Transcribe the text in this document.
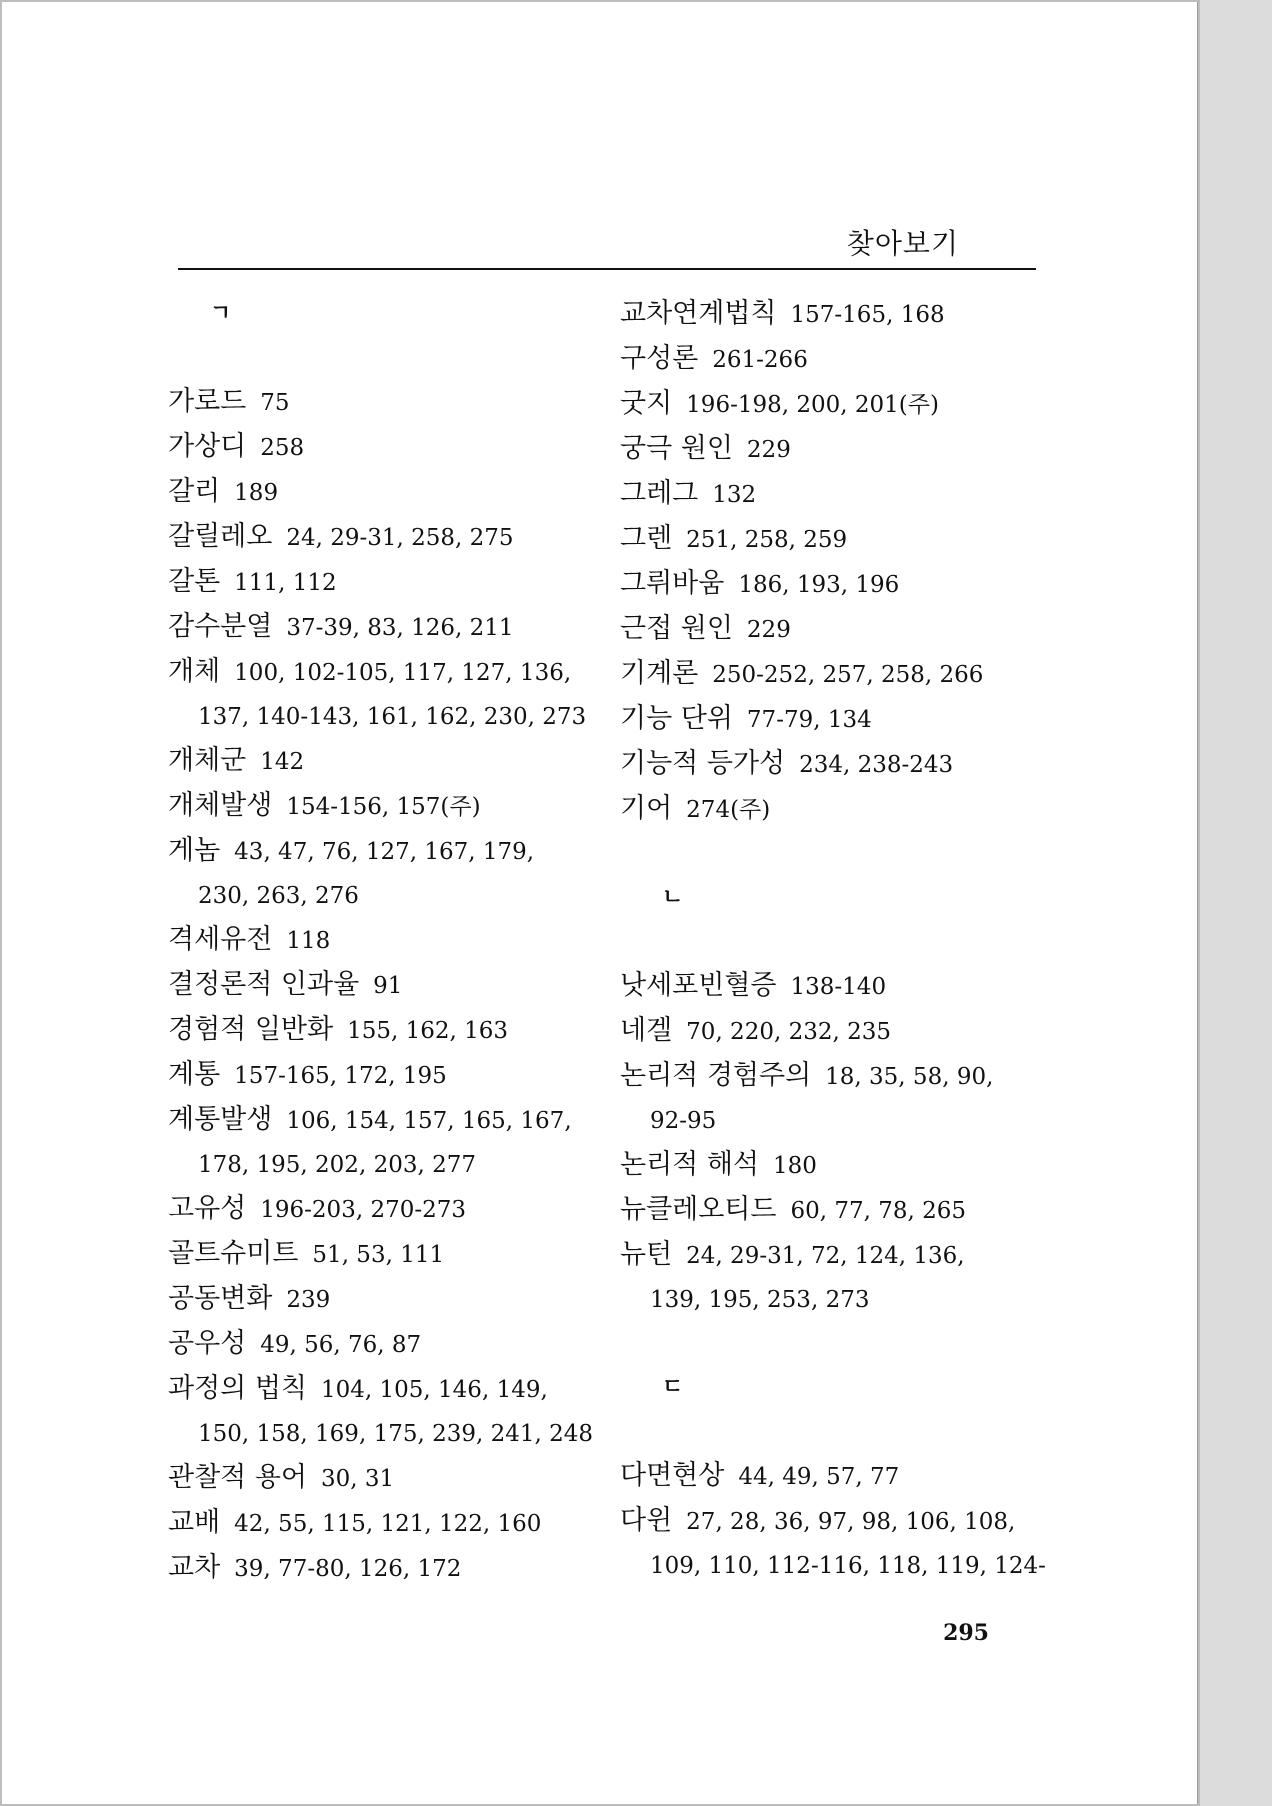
찾아보기
ㄱ
가로드 75
가상디 258
갈리 189
갈릴레오 24, 29-31, 258, 275
갈톤 111, 112
감수분열 37-39, 83, 126, 211
개체 100, 102-105, 117, 127, 136,
137, 140-143, 161, 162, 230, 273
개체군 142
개체발생 154-156, 157(주)
게놈 43, 47, 76, 127, 167, 179,
230, 263, 276
격세유전 118
결정론적 인과율 91
경험적 일반화 155, 162, 163
계통 157-165, 172, 195
계통발생 106, 154, 157, 165, 167,
178, 195, 202, 203, 277
고유성 196-203, 270-273
골트슈미트 51, 53, 111
공동변화 239
공우성 49, 56, 76, 87
과정의 법칙 104, 105, 146, 149,
150, 158, 169, 175, 239, 241, 248
관찰적 용어 30, 31
교배 42, 55, 115, 121, 122, 160
교차 39, 77-80, 126, 172
교차연계법칙 157-165, 168
구성론 261-266
굿지 196-198, 200, 201(주)
궁극 원인 229
그레그 132
그렌 251, 258, 259
그뤼바움 186, 193, 196
근접 원인 229
기계론 250-252, 257, 258, 266
기능 단위 77-79, 134
기능적 등가성 234, 238-243
기어 274(주)
ㄴ
낫세포빈혈증 138-140
네겔 70, 220, 232, 235
논리적 경험주의 18, 35, 58, 90,
92-95
논리적 해석 180
뉴클레오티드 60, 77, 78, 265
뉴턴 24, 29-31, 72, 124, 136,
139, 195, 253, 273
ㄷ
다면현상 44, 49, 57, 77
다윈 27, 28, 36, 97, 98, 106, 108,
109, 110, 112-116, 118, 119, 124-
295
